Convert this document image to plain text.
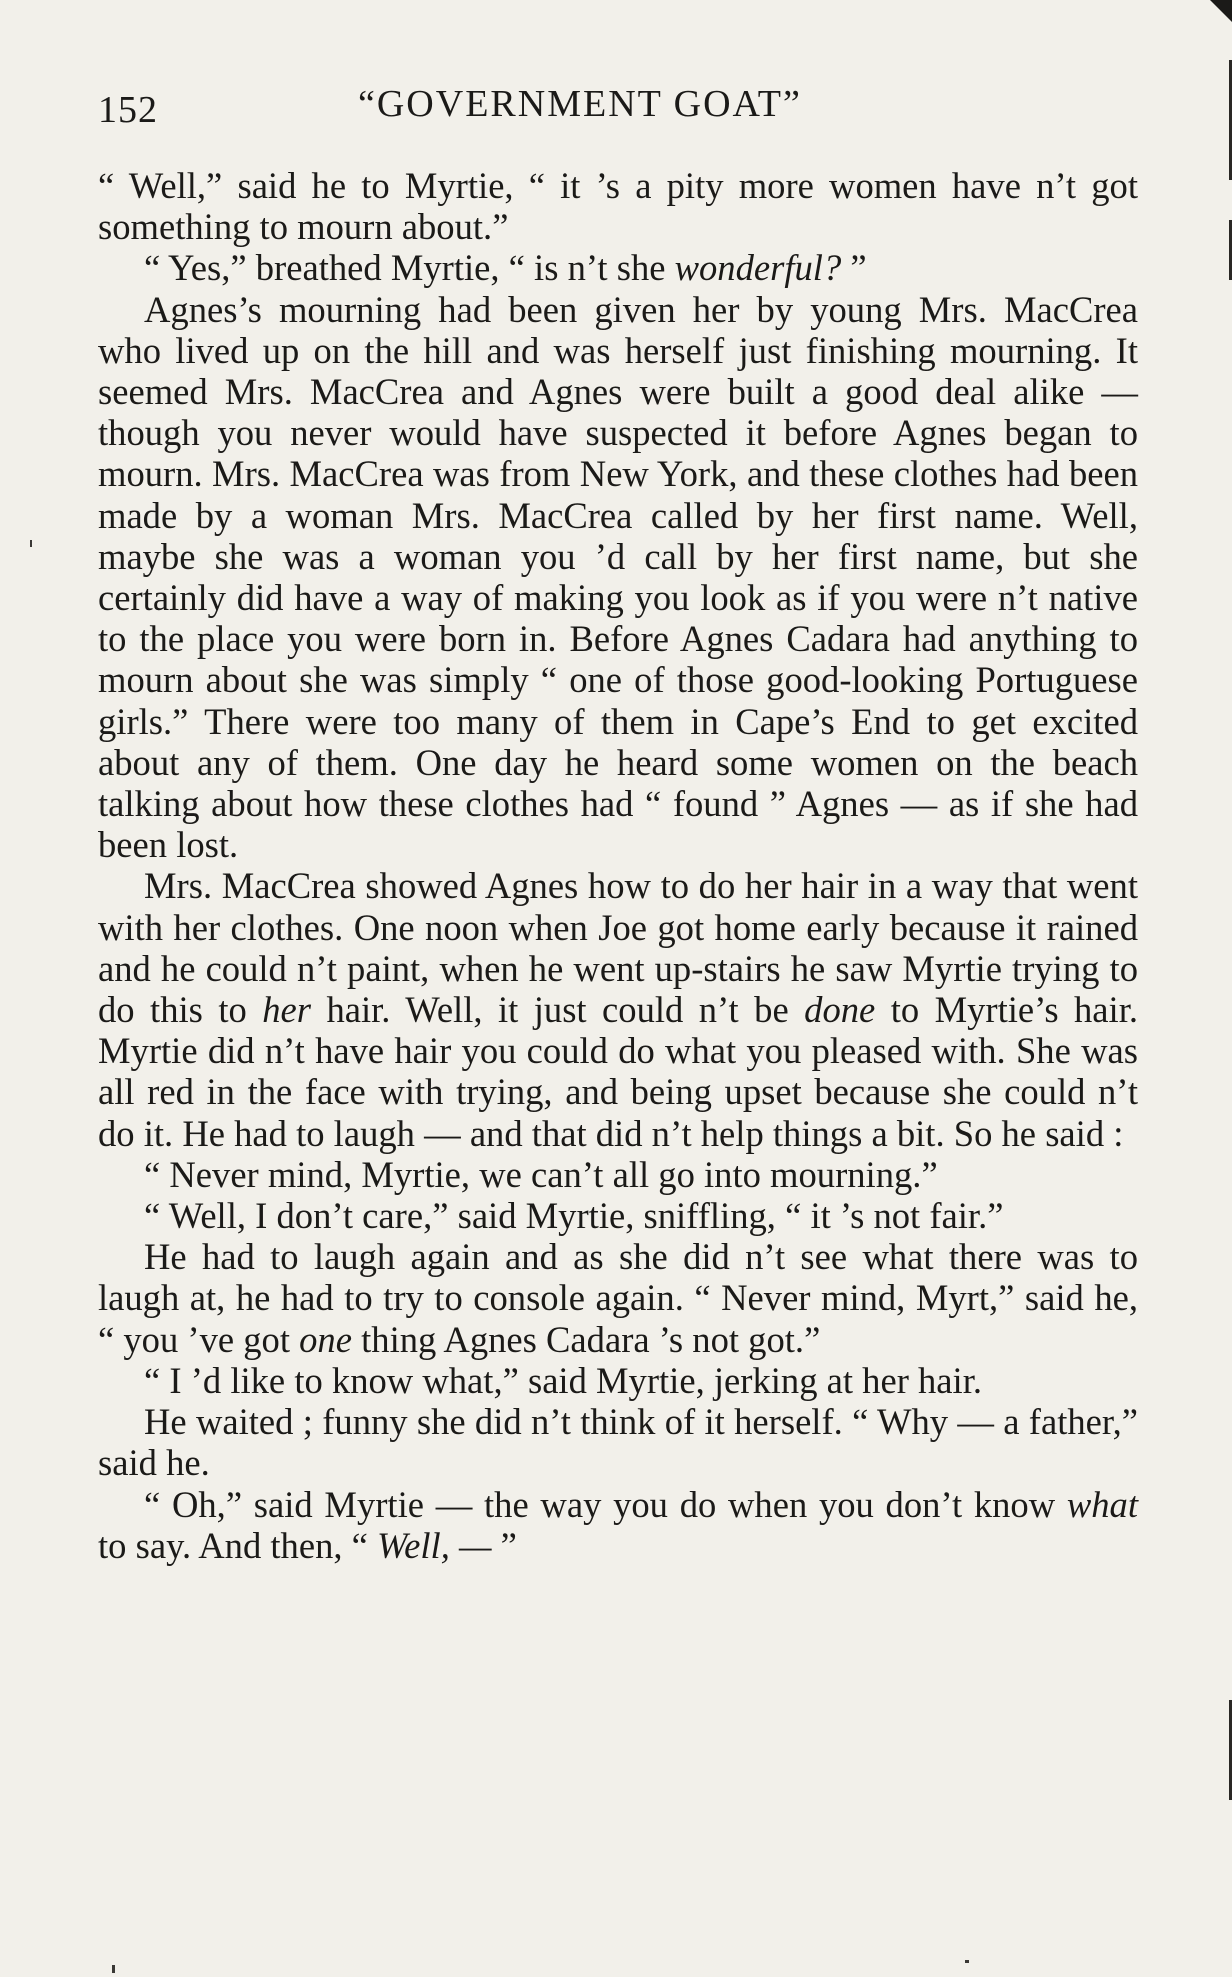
152	“GOVERNMENT GOAT”

“ Well,” said he to Myrtie, “ it ’s a pity more women have n’t got something to mourn about.”

“ Yes,” breathed Myrtie, “ is n’t she wonderful? ”

Agnes’s mourning had been given her by young Mrs. MacCrea who lived up on the hill and was herself just finishing mourning. It seemed Mrs. MacCrea and Agnes were built a good deal alike — though you never would have suspected it before Agnes began to mourn. Mrs. MacCrea was from New York, and these clothes had been made by a woman Mrs. MacCrea called by her first name. Well, maybe she was a woman you ’d call by her first name, but she certainly did have a way of making you look as if you were n’t native to the place you were born in. Before Agnes Cadara had anything to mourn about she was simply “ one of those good-looking Portuguese girls.” There were too many of them in Cape’s End to get excited about any of them. One day he heard some women on the beach talking about how these clothes had “ found ” Agnes — as if she had been lost.

Mrs. MacCrea showed Agnes how to do her hair in a way that went with her clothes. One noon when Joe got home early because it rained and he could n’t paint, when he went up-stairs he saw Myrtie trying to do this to her hair. Well, it just could n’t be done to Myrtie’s hair. Myrtie did n’t have hair you could do what you pleased with. She was all red in the face with trying, and being upset because she could n’t do it. He had to laugh — and that did n’t help things a bit. So he said :

“ Never mind, Myrtie, we can’t all go into mourning.”

“ Well, I don’t care,” said Myrtie, sniffling, “ it ’s not fair.”

He had to laugh again and as she did n’t see what there was to laugh at, he had to try to console again. “ Never mind, Myrt,” said he, “ you ’ve got one thing Agnes Cadara ’s not got.”

“ I ’d like to know what,” said Myrtie, jerking at her hair.

He waited ; funny she did n’t think of it herself. “ Why — a father,” said he.

“ Oh,” said Myrtie — the way you do when you don’t know what to say. And then, “ Well, — ”
